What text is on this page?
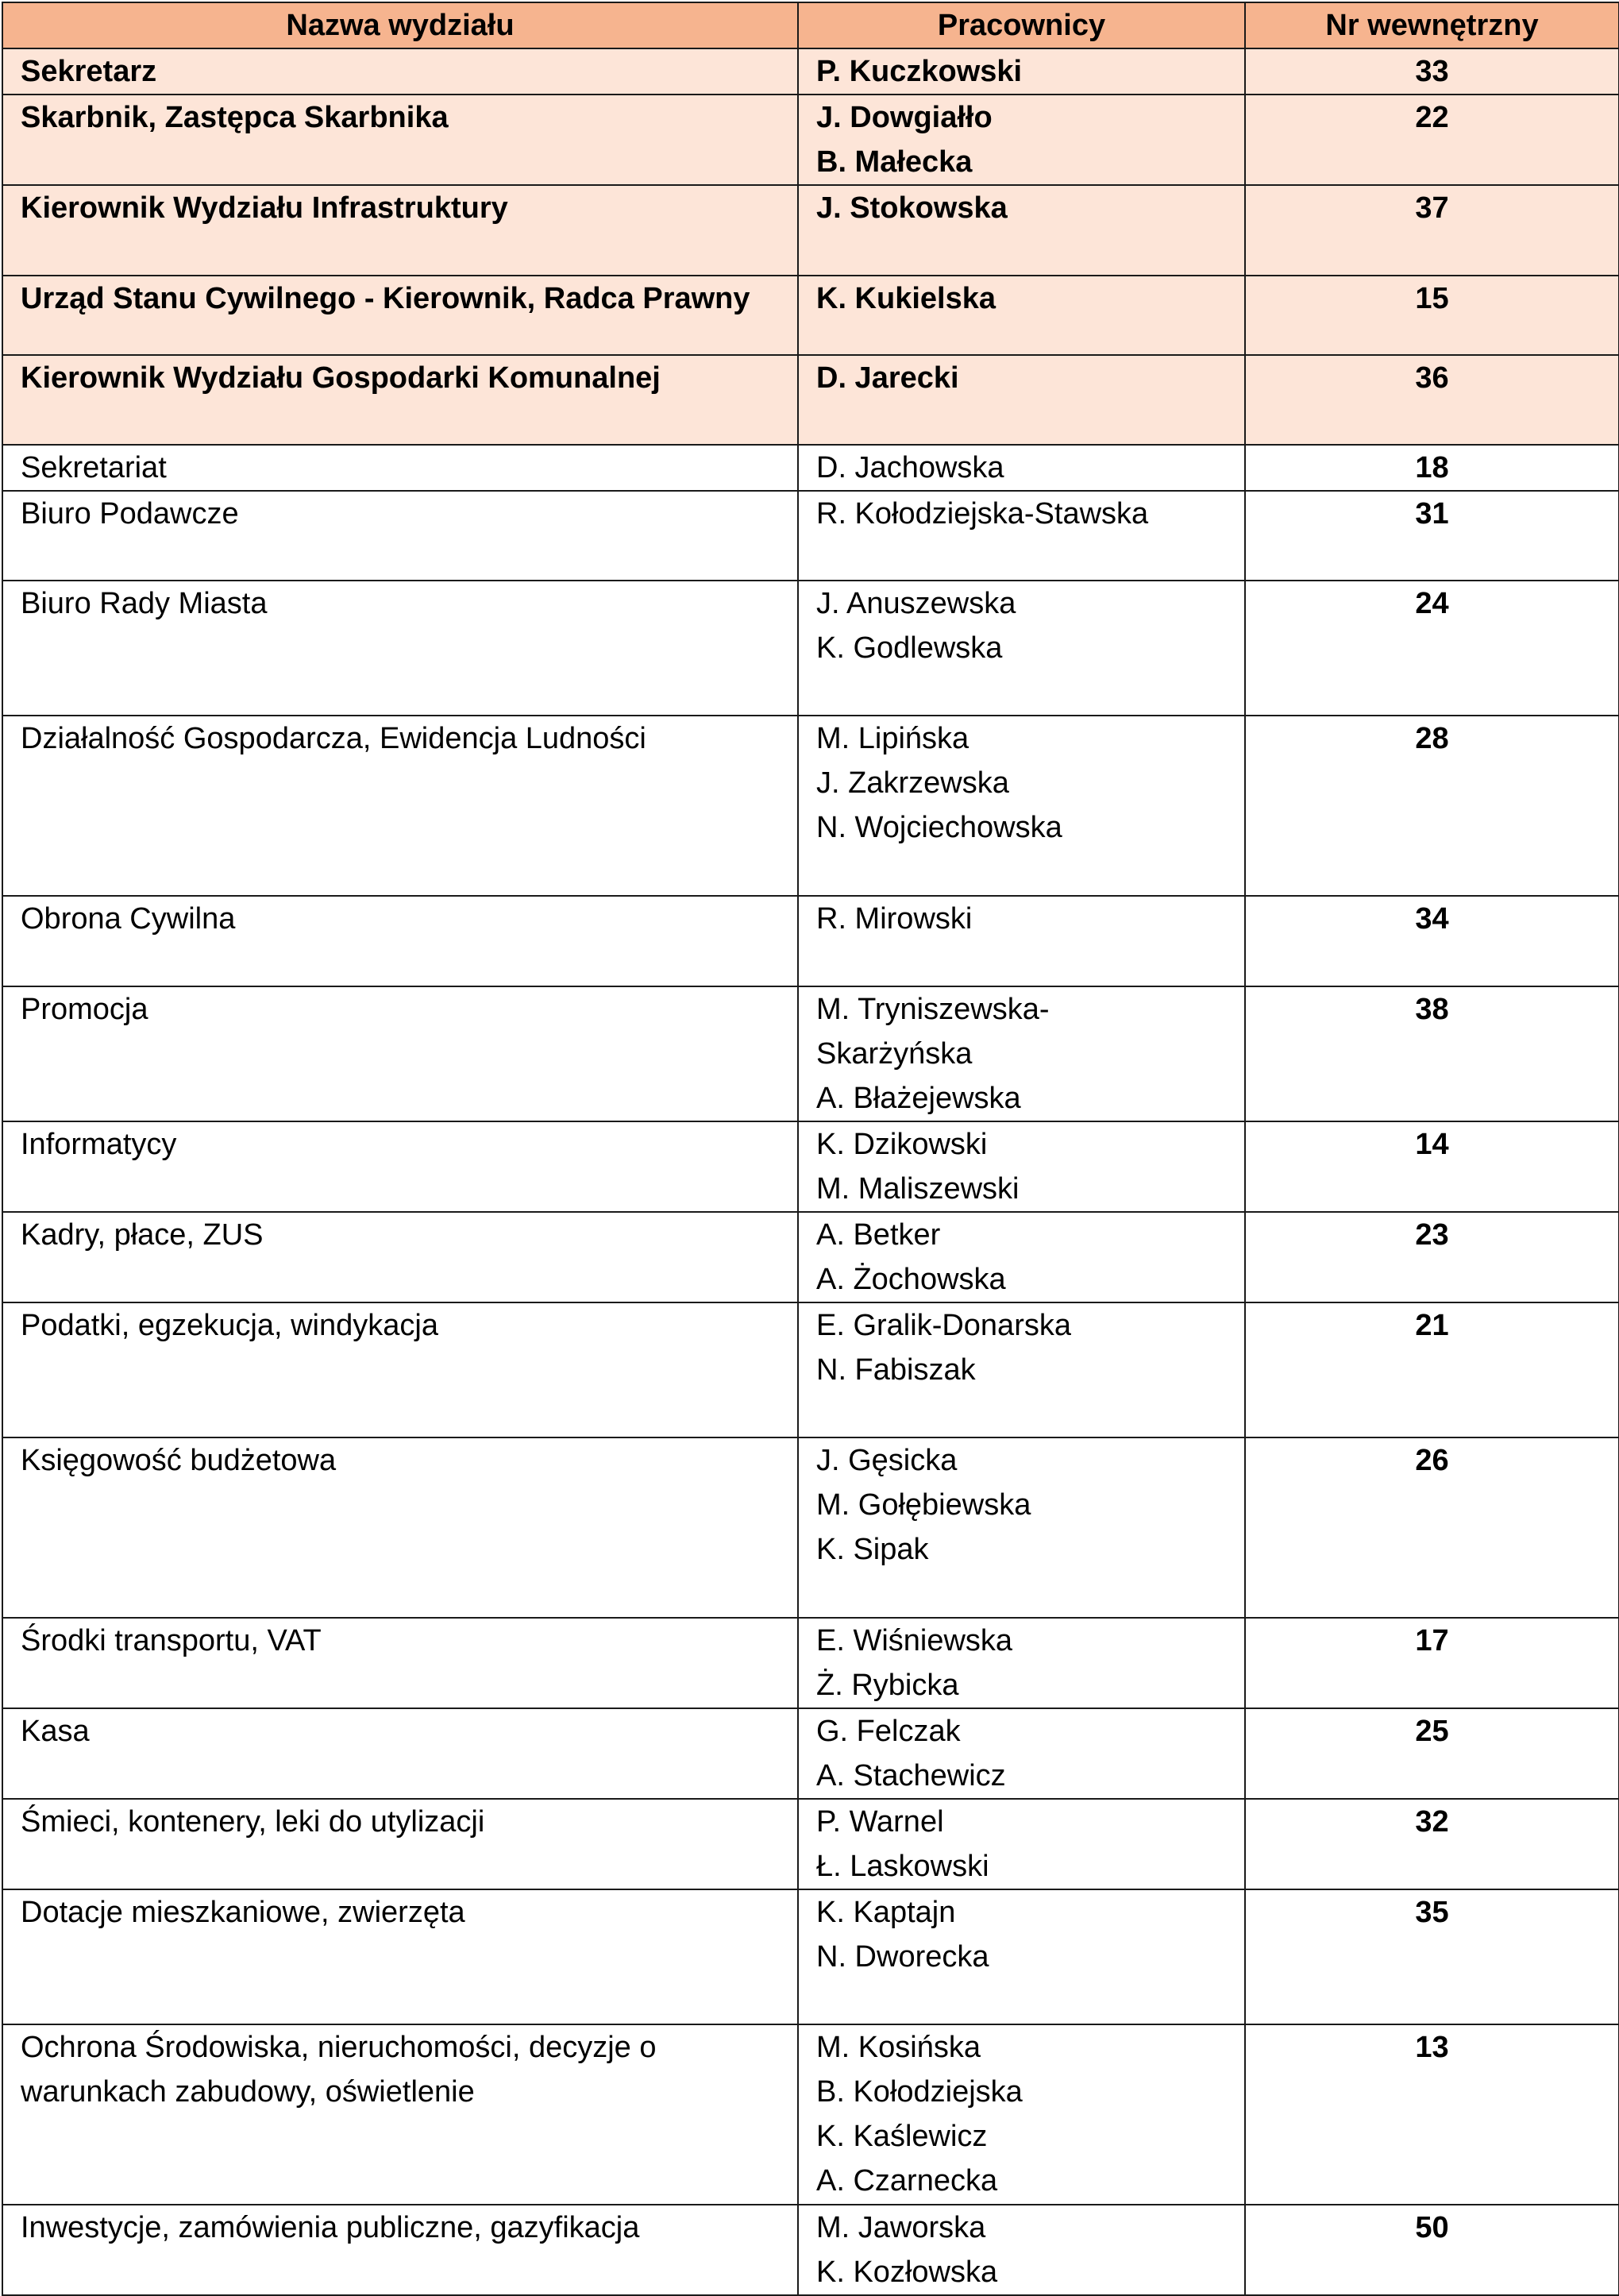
Nazwa wydziału	Pracownicy	Nr wewnętrzny

Sekretarz	P. Kuczkowski	33

Skarbnik, Zastępca Skarbnika	J. Dowgiałło
B. Małecka	22

Kierownik Wydziału Infrastruktury	J. Stokowska	37

Urząd Stanu Cywilnego - Kierownik, Radca Prawny	K. Kukielska	15

Kierownik Wydziału Gospodarki Komunalnej	D. Jarecki	36

Sekretariat	D. Jachowska	18

Biuro Podawcze	R. Kołodziejska-Stawska	31

Biuro Rady Miasta	J. Anuszewska
K. Godlewska	24

Działalność Gospodarcza, Ewidencja Ludności	M. Lipińska
J. Zakrzewska
N. Wojciechowska	28

Obrona Cywilna	R. Mirowski	34

Promocja	M. Tryniszewska-
Skarżyńska
A. Błażejewska	38

Informatycy	K. Dzikowski
M. Maliszewski	14

Kadry, płace, ZUS	A. Betker
A. Żochowska	23

Podatki, egzekucja, windykacja	E. Gralik-Donarska
N. Fabiszak	21

Księgowość budżetowa	J. Gęsicka
M. Gołębiewska
K. Sipak	26

Środki transportu, VAT	E. Wiśniewska
Ż. Rybicka	17

Kasa	G. Felczak
A. Stachewicz	25

Śmieci, kontenery, leki do utylizacji	P. Warnel
Ł. Laskowski	32

Dotacje mieszkaniowe, zwierzęta	K. Kaptajn
N. Dworecka	35

Ochrona Środowiska, nieruchomości, decyzje o
warunkach zabudowy, oświetlenie	M. Kosińska
B. Kołodziejska
K. Kaślewicz
A. Czarnecka	13

Inwestycje, zamówienia publiczne, gazyfikacja	M. Jaworska
K. Kozłowska	50
